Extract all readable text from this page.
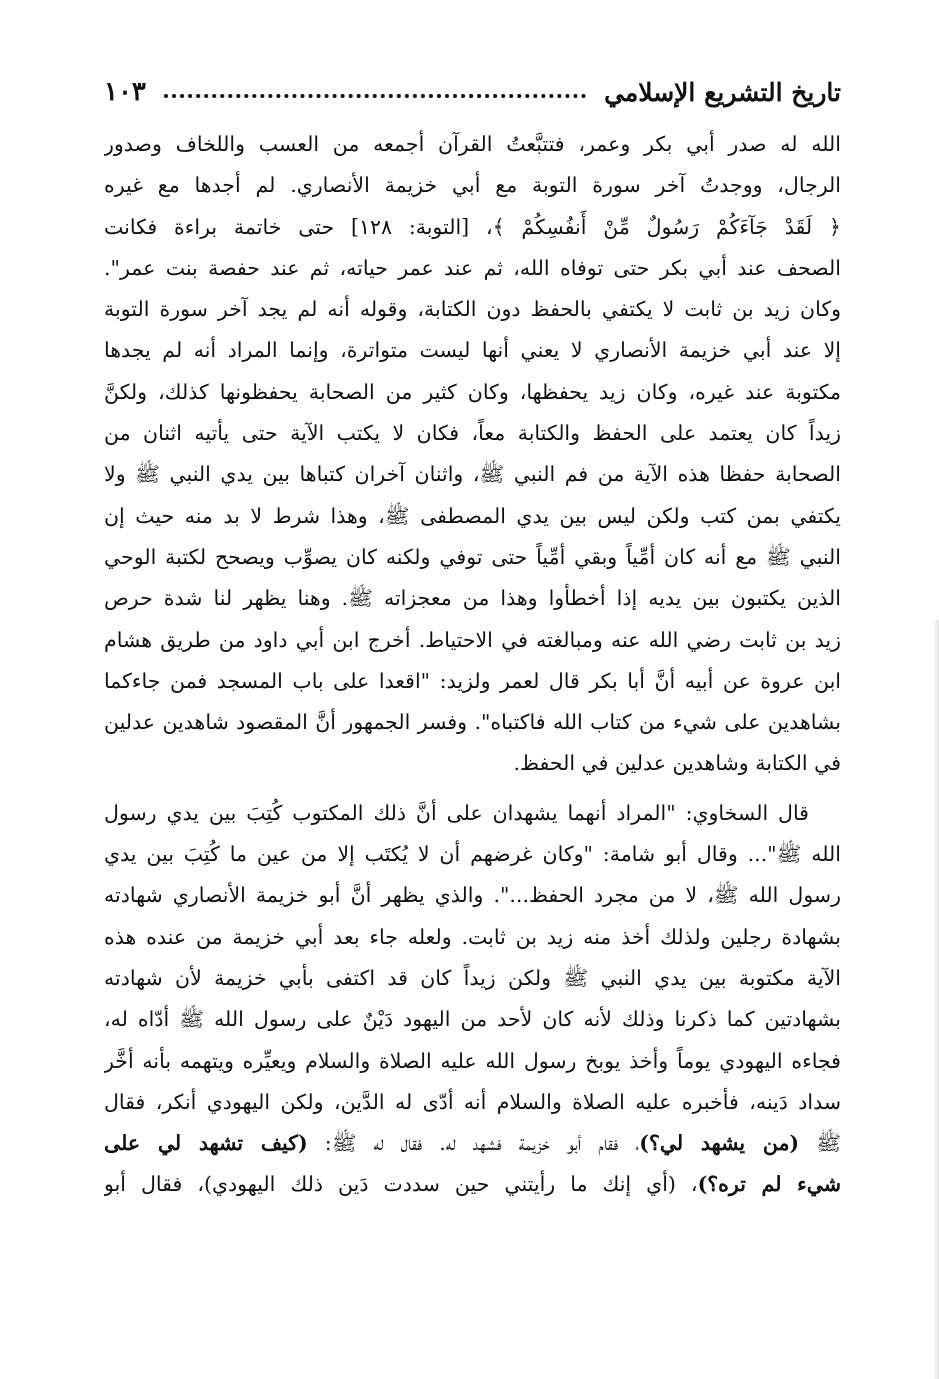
تاريخ التشريع الإسلامي
١٠٣
الله له صدر أبي بكر وعمر، فتتبَّعتُ القرآن أجمعه من العسب واللخاف وصدور
الرجال، ووجدتُ آخر سورة التوبة مع أبي خزيمة الأنصاري. لم أجدها مع غيره
﴿ لَقَدْ جَآءَكُمْ رَسُولٌ مِّنْ أَنفُسِكُمْ ﴾، [التوبة: ١٢٨] حتى خاتمة براءة فكانت
الصحف عند أبي بكر حتى توفاه الله، ثم عند عمر حياته، ثم عند حفصة بنت عمر".
وكان زيد بن ثابت لا يكتفي بالحفظ دون الكتابة، وقوله أنه لم يجد آخر سورة التوبة
إلا عند أبي خزيمة الأنصاري لا يعني أنها ليست متواترة، وإنما المراد أنه لم يجدها
مكتوبة عند غيره، وكان زيد يحفظها، وكان كثير من الصحابة يحفظونها كذلك، ولكنَّ
زيداً كان يعتمد على الحفظ والكتابة معاً، فكان لا يكتب الآية حتى يأتيه اثنان من
الصحابة حفظا هذه الآية من فم النبي ﷺ، واثنان آخران كتباها بين يدي النبي ﷺ ولا
يكتفي بمن كتب ولكن ليس بين يدي المصطفى ﷺ، وهذا شرط لا بد منه حيث إن
النبي ﷺ مع أنه كان أمِّياً وبقي أمِّياً حتى توفي ولكنه كان يصوِّب ويصحح لكتبة الوحي
الذين يكتبون بين يديه إذا أخطأوا وهذا من معجزاته ﷺ. وهنا يظهر لنا شدة حرص
زيد بن ثابت رضي الله عنه ومبالغته في الاحتياط. أخرج ابن أبي داود من طريق هشام
ابن عروة عن أبيه أنَّ أبا بكر قال لعمر ولزيد: "اقعدا على باب المسجد فمن جاءكما
بشاهدين على شيء من كتاب الله فاكتباه". وفسر الجمهور أنَّ المقصود شاهدين عدلين
في الكتابة وشاهدين عدلين في الحفظ.
قال السخاوي: "المراد أنهما يشهدان على أنَّ ذلك المكتوب كُتِبَ بين يدي رسول
الله ﷺ"... وقال أبو شامة: "وكان غرضهم أن لا يُكتَب إلا من عين ما كُتِبَ بين يدي
رسول الله ﷺ، لا من مجرد الحفظ...". والذي يظهر أنَّ أبو خزيمة الأنصاري شهادته
بشهادة رجلين ولذلك أخذ منه زيد بن ثابت. ولعله جاء بعد أبي خزيمة من عنده هذه
الآية مكتوبة بين يدي النبي ﷺ ولكن زيداً كان قد اكتفى بأبي خزيمة لأن شهادته
بشهادتين كما ذكرنا وذلك لأنه كان لأحد من اليهود دَيْنٌ على رسول الله ﷺ أدّاه له،
فجاءه اليهودي يوماً وأخذ يوبخ رسول الله عليه الصلاة والسلام ويعيِّره ويتهمه بأنه أخَّر
سداد دَينه، فأخبره عليه الصلاة والسلام أنه أدّى له الدَّين، ولكن اليهودي أنكر، فقال
ﷺ (من يشهد لي؟)، فقام أبو خزيمة فشهد له. فقال له ﷺ: (كيف تشهد لي على
شيء لم تره؟)، (أي إنك ما رأيتني حين سددت دَين ذلك اليهودي)، فقال أبو
